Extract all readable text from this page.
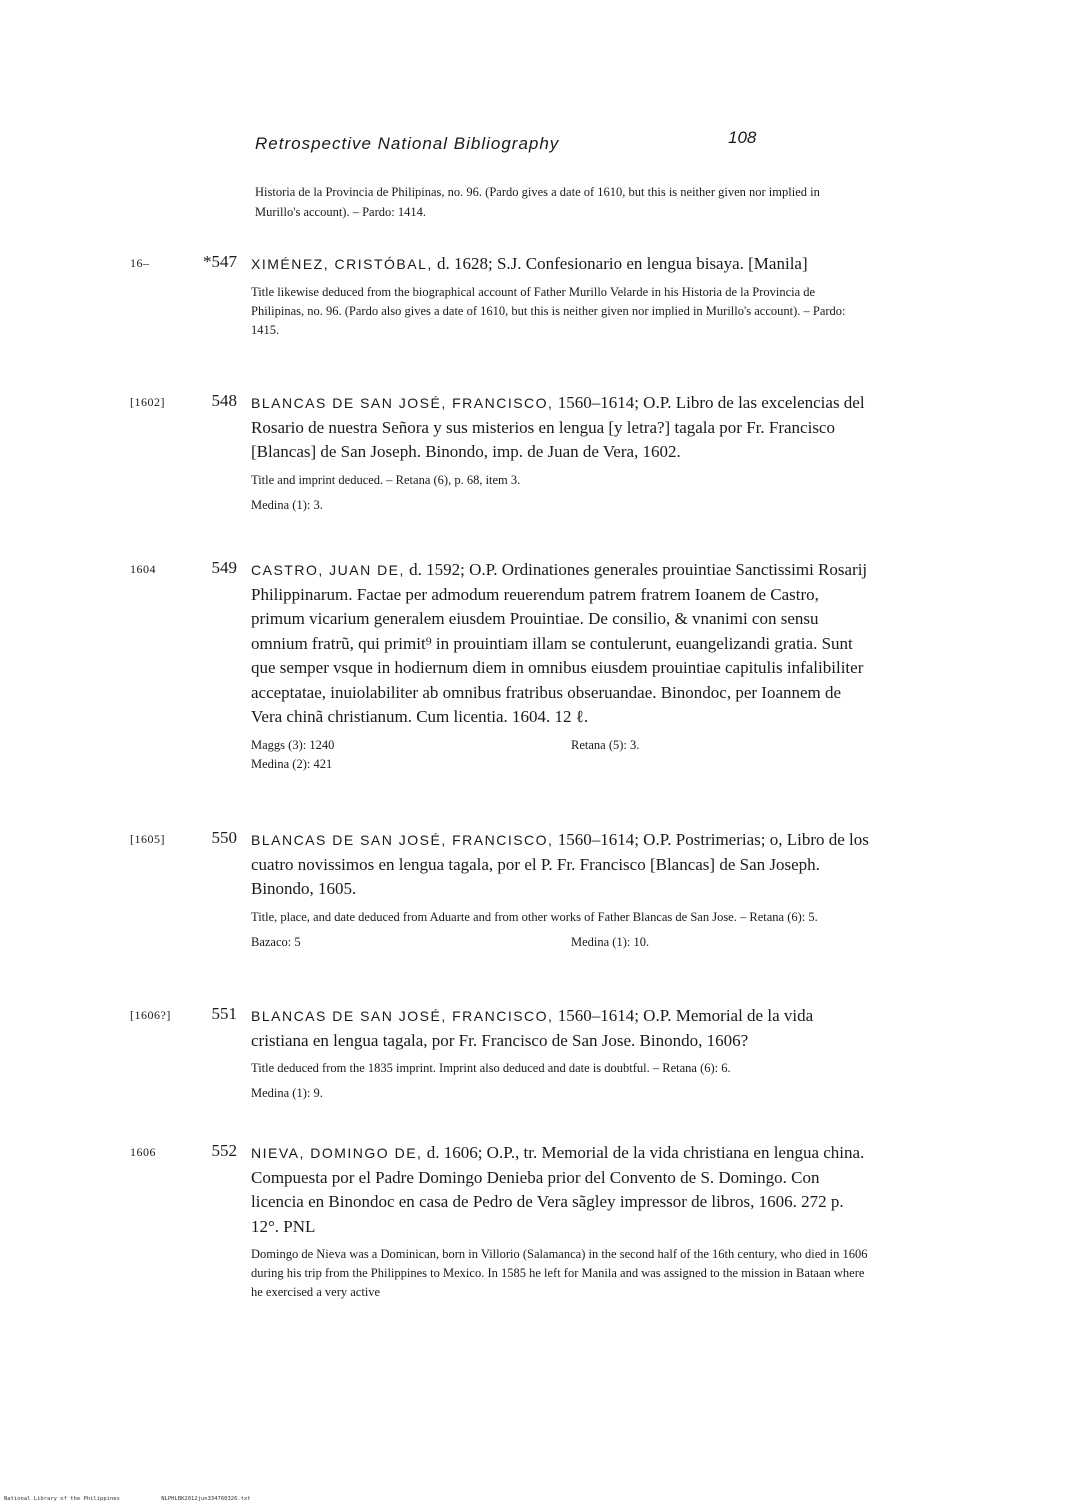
Retrospective National Bibliography	108
Historia de la Provincia de Philipinas, no. 96. (Pardo gives a date of 1610, but this is neither given nor implied in Murillo's account). – Pardo: 1414.
16–	*547 XIMÉNEZ, CRISTÓBAL, d. 1628; S.J. Confesionario en lengua bisaya. [Manila]
Title likewise deduced from the biographical account of Father Murillo Velarde in his Historia de la Provincia de Philipinas, no. 96. (Pardo also gives a date of 1610, but this is neither given nor implied in Murillo's account). – Pardo: 1415.
[1602]	548 BLANCAS DE SAN JOSÉ, FRANCISCO, 1560–1614; O.P. Libro de las excelencias del Rosario de nuestra Señora y sus misterios en lengua [y letra?] tagala por Fr. Francisco [Blancas] de San Joseph. Binondo, imp. de Juan de Vera, 1602.
Title and imprint deduced. – Retana (6), p. 68, item 3.
Medina (1): 3.
1604	549 CASTRO, JUAN DE, d. 1592; O.P. Ordinationes generales prouintiae Sanctissimi Rosarij Philippinarum. Factae per admodum reuerendum patrem fratrem Ioanem de Castro, primum vicarium generalem eiusdem Prouintiae. De consilio, & vnanimi con sensu omnium fratrũ, qui primit⁹ in prouintiam illam se contulerunt, euangelizandi gratia. Sunt que semper vsque in hodiernum diem in omnibus eiusdem prouintiae capitulis infalibiliter acceptatae, inuiolabiliter ab omnibus fratribus obseruandae. Binondoc, per Ioannem de Vera chinã christianum. Cum licentia. 1604. 12 ℓ.
Maggs (3): 1240
Medina (2): 421
Retana (5): 3.
[1605]	550 BLANCAS DE SAN JOSÉ, FRANCISCO, 1560–1614; O.P. Postrimerias; o, Libro de los cuatro novissimos en lengua tagala, por el P. Fr. Francisco [Blancas] de San Joseph. Binondo, 1605.
Title, place, and date deduced from Aduarte and from other works of Father Blancas de San Jose. – Retana (6): 5.
Bazaco: 5	Medina (1): 10.
[1606?]	551 BLANCAS DE SAN JOSÉ, FRANCISCO, 1560–1614; O.P. Memorial de la vida cristiana en lengua tagala, por Fr. Francisco de San Jose. Binondo, 1606?
Title deduced from the 1835 imprint. Imprint also deduced and date is doubtful. – Retana (6): 6.
Medina (1): 9.
1606	552 NIEVA, DOMINGO DE, d. 1606; O.P., tr. Memorial de la vida christiana en lengua china. Compuesta por el Padre Domingo Denieba prior del Convento de S. Domingo. Con licencia en Binondoc en casa de Pedro de Vera sãgley impressor de libros, 1606. 272 p. 12°. PNL
Domingo de Nieva was a Dominican, born in Villorio (Salamanca) in the second half of the 16th century, who died in 1606 during his trip from the Philippines to Mexico. In 1585 he left for Manila and was assigned to the mission in Bataan where he exercised a very active
National Library of the Philippines	NLPHLBK2012jun334760326.txt
